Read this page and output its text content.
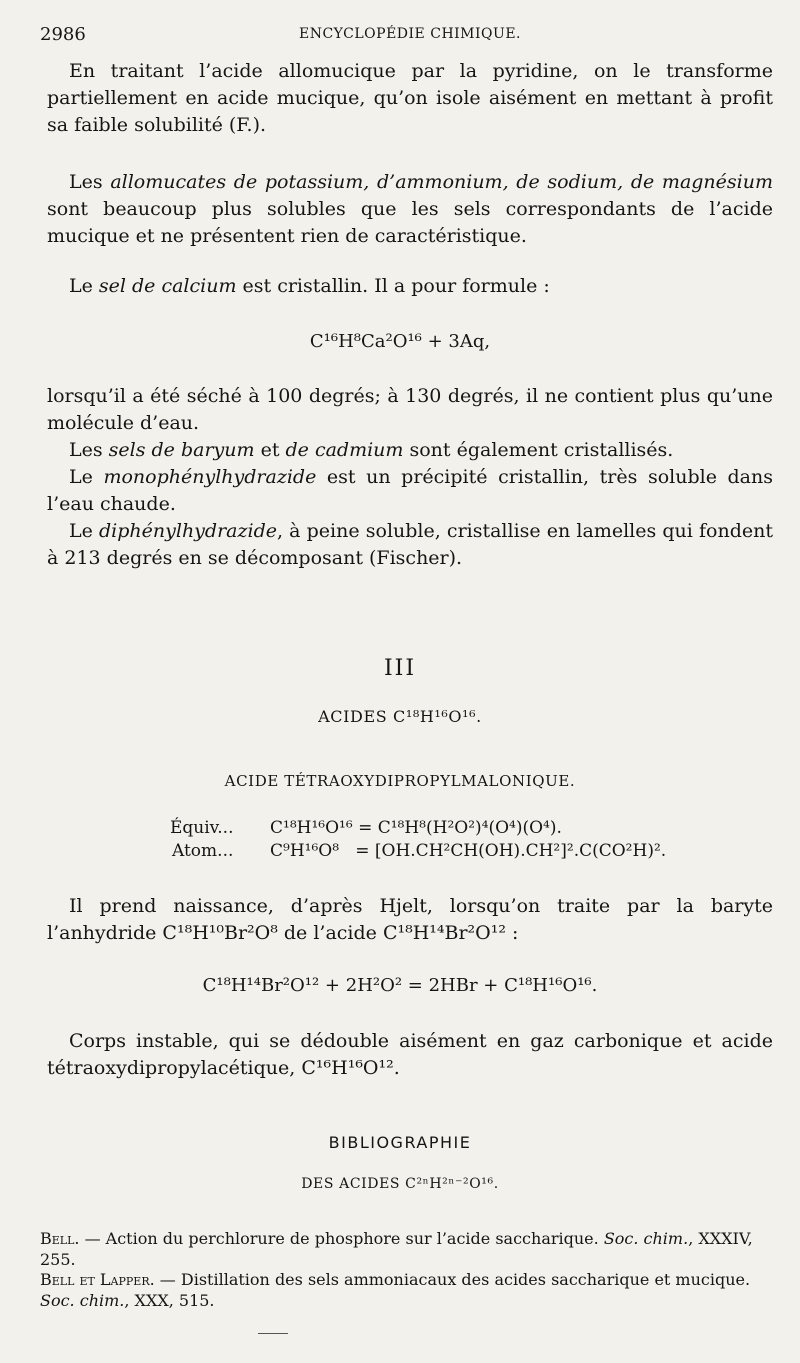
2986	ENCYCLOPÉDIE CHIMIQUE.

En traitant l’acide allomucique par la pyridine, on le transforme partiellement en acide mucique, qu’on isole aisément en mettant à profit sa faible solubilité (F.).

Les allomucates de potassium, d’ammonium, de sodium, de magnésium sont beaucoup plus solubles que les sels correspondants de l’acide mucique et ne présentent rien de caractéristique.

Le sel de calcium est cristallin. Il a pour formule :

C¹⁶H⁸Ca²O¹⁶ + 3Aq,

lorsqu’il a été séché à 100 degrés; à 130 degrés, il ne contient plus qu’une molécule d’eau.

Les sels de baryum et de cadmium sont également cristallisés.

Le monophénylhydrazide est un précipité cristallin, très soluble dans l’eau chaude.

Le diphénylhydrazide, à peine soluble, cristallise en lamelles qui fondent à 213 degrés en se décomposant (Fischer).

III
ACIDES C¹⁸H¹⁶O¹⁶.
ACIDE TÉTRAOXYDIPROPYLMALONIQUE.
Équiv... C¹⁸H¹⁶O¹⁶ = C¹⁸H⁸(H²O²)⁴(O⁴)(O⁴).
Atom... C⁹H¹⁶O⁸   = [OH.CH²CH(OH).CH²]².C(CO²H)².

Il prend naissance, d’après Hjelt, lorsqu’on traite par la baryte l’anhydride C¹⁸H¹⁰Br²O⁸ de l’acide C¹⁸H¹⁴Br²O¹² :

C¹⁸H¹⁴Br²O¹² + 2H²O² = 2HBr + C¹⁸H¹⁶O¹⁶.

Corps instable, qui se dédouble aisément en gaz carbonique et acide tétraoxydipropylacétique, C¹⁶H¹⁶O¹².

BIBLIOGRAPHIE
DES ACIDES C²ⁿH²ⁿ⁻²O¹⁶.
Bell. — Action du perchlorure de phosphore sur l’acide saccharique. Soc. chim., XXXIV, 255.
Bell et Lapper. — Distillation des sels ammoniacaux des acides saccharique et mucique. Soc. chim., XXX, 515.
